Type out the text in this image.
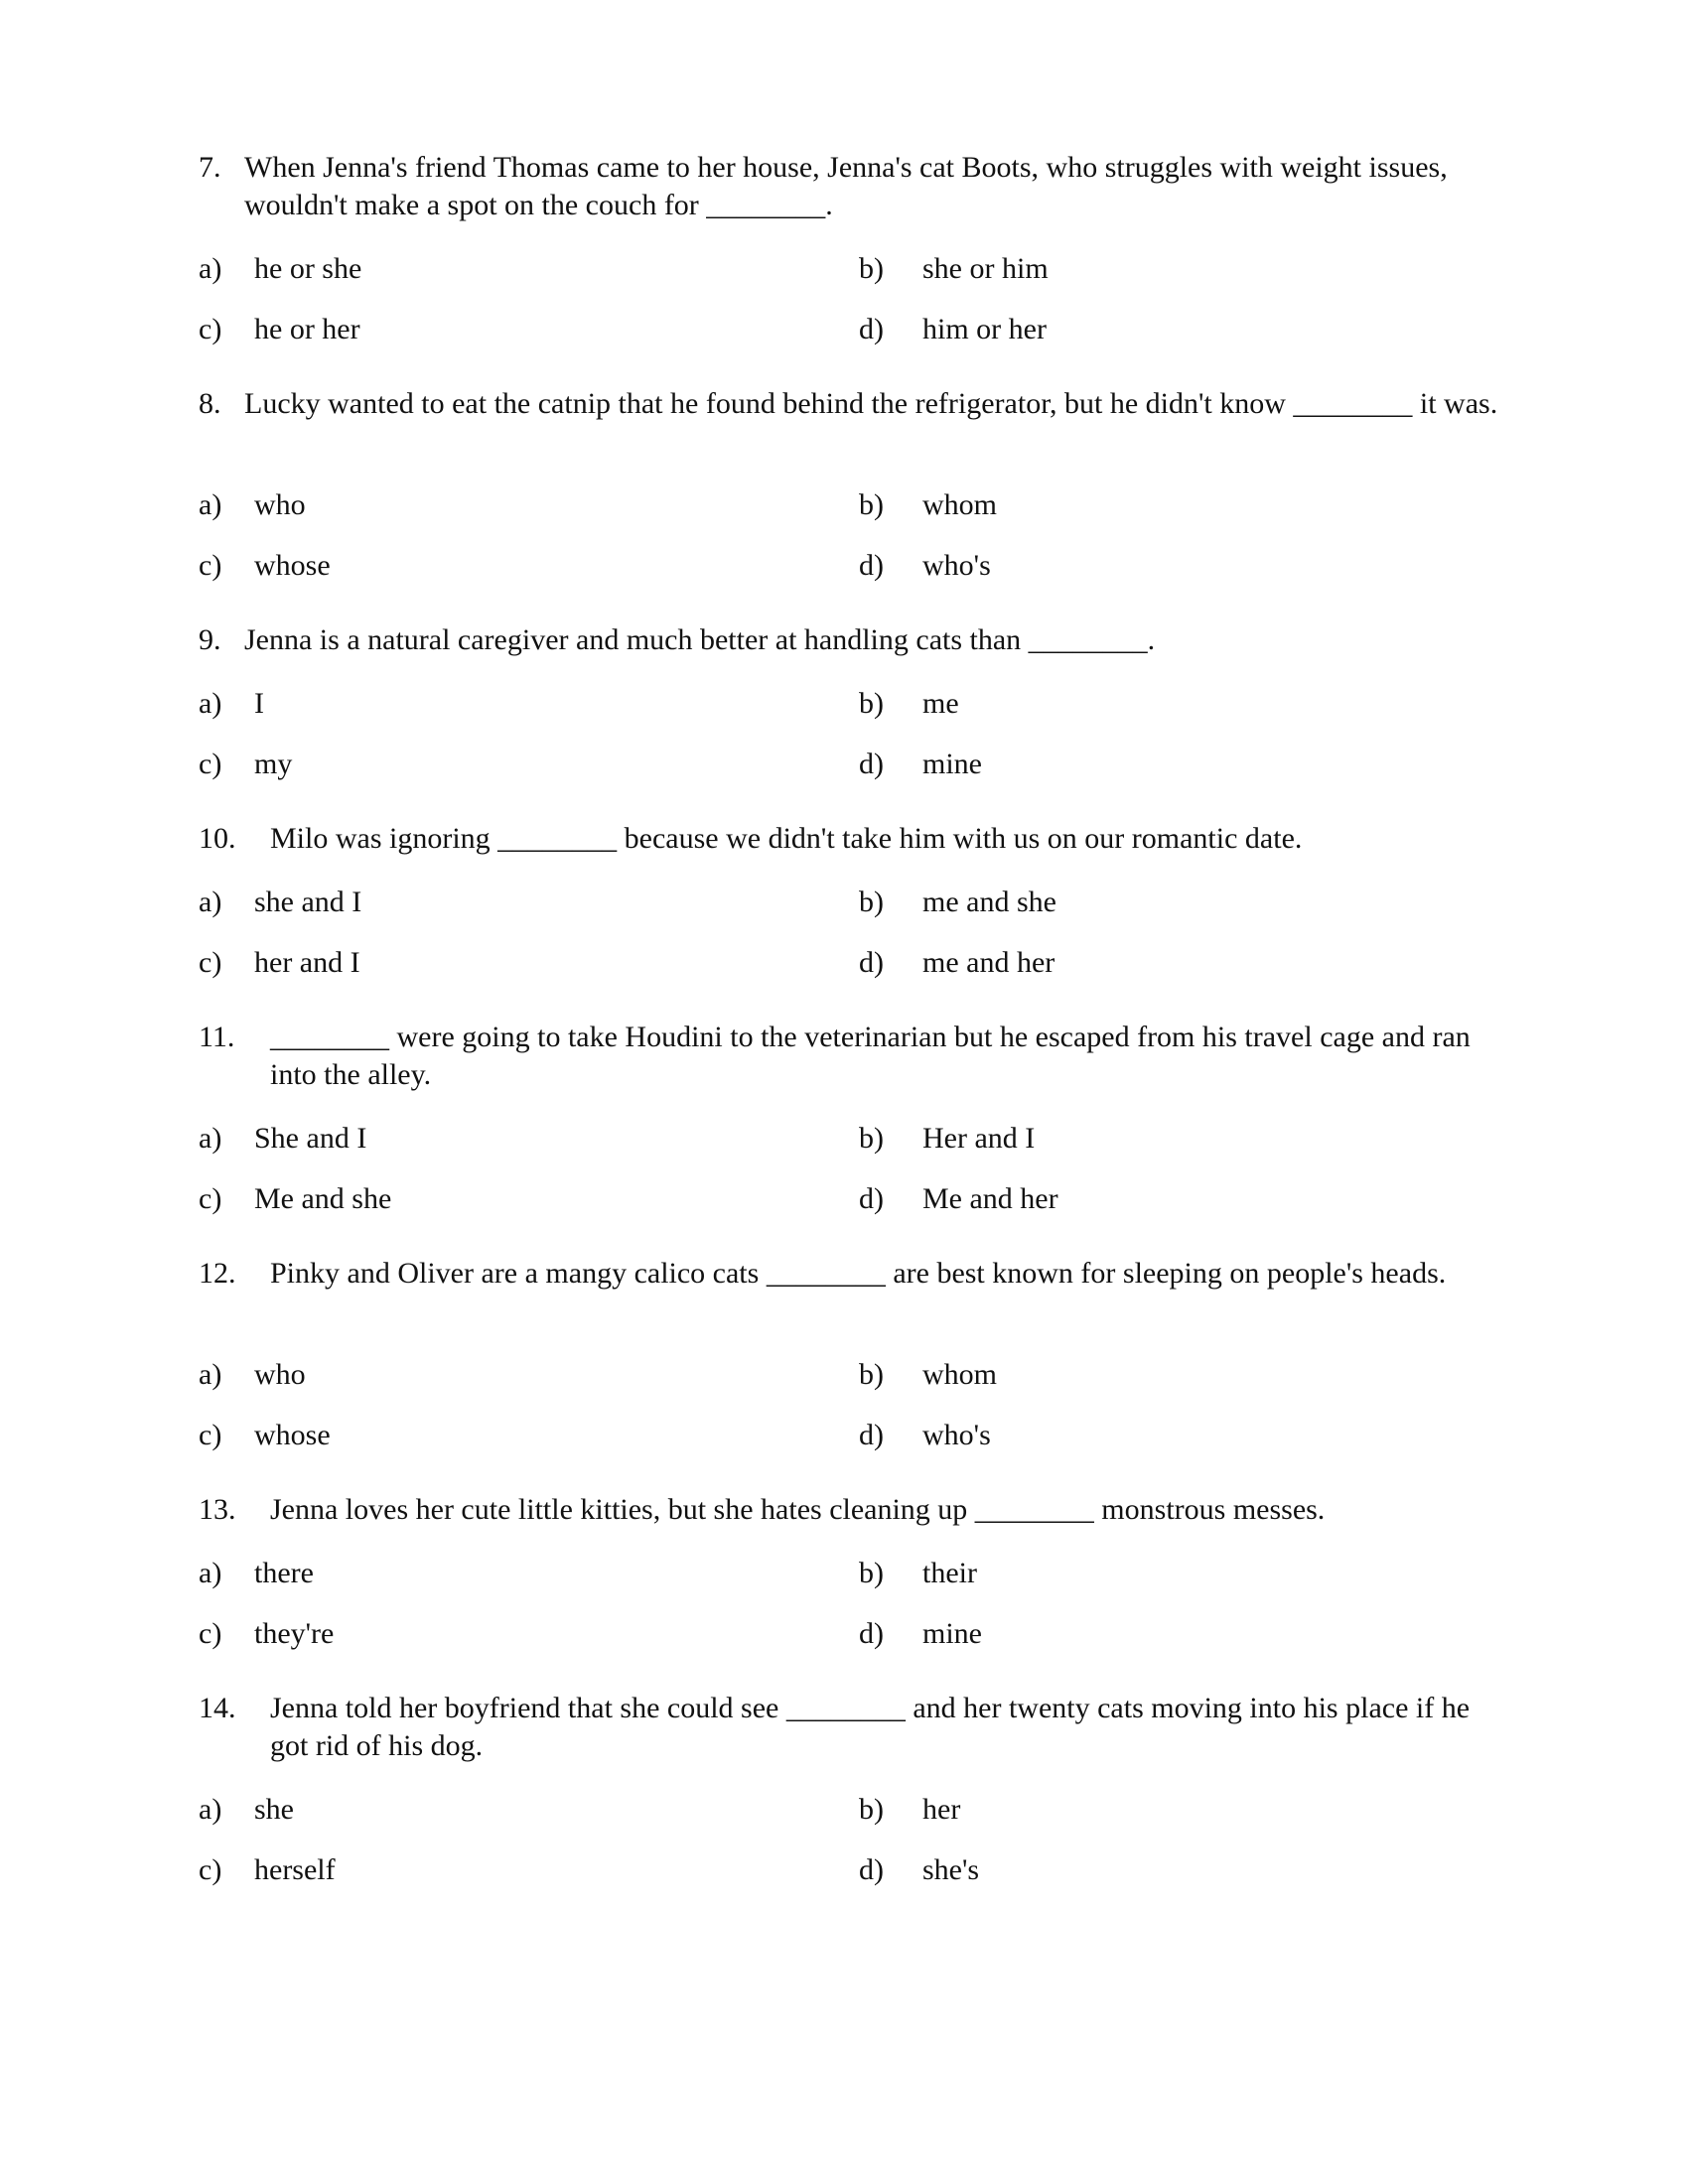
7. When Jenna's friend Thomas came to her house, Jenna's cat Boots, who struggles with weight issues, wouldn't make a spot on the couch for ________.
a) he or she	b) she or him
c) he or her	d) him or her
8. Lucky wanted to eat the catnip that he found behind the refrigerator, but he didn't know ________ it was.
a) who	b) whom
c) whose	d) who's
9. Jenna is a natural caregiver and much better at handling cats than ________.
a) I	b) me
c) my	d) mine
10. Milo was ignoring ________ because we didn't take him with us on our romantic date.
a) she and I	b) me and she
c) her and I	d) me and her
11. ________ were going to take Houdini to the veterinarian but he escaped from his travel cage and ran into the alley.
a) She and I	b) Her and I
c) Me and she	d) Me and her
12. Pinky and Oliver are a mangy calico cats ________ are best known for sleeping on people's heads.
a) who	b) whom
c) whose	d) who's
13. Jenna loves her cute little kitties, but she hates cleaning up ________ monstrous messes.
a) there	b) their
c) they're	d) mine
14. Jenna told her boyfriend that she could see ________ and her twenty cats moving into his place if he got rid of his dog.
a) she	b) her
c) herself	d) she's
